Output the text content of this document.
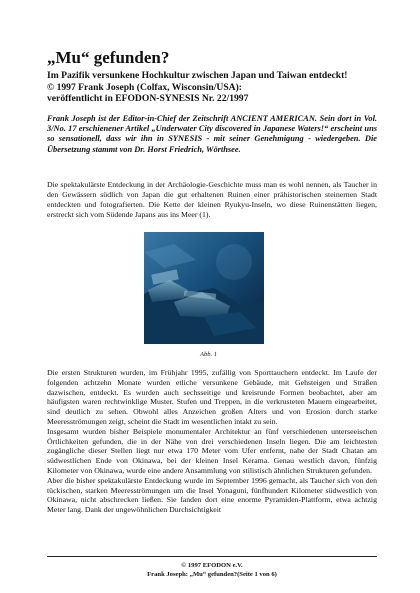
„Mu“ gefunden?
Im Pazifik versunkene Hochkultur zwischen Japan und Taiwan entdeckt!
© 1997 Frank Joseph (Colfax, Wisconsin/USA):
veröffentlicht in EFODON-SYNESIS Nr. 22/1997
Frank Joseph ist der Editor-in-Chief der Zeitschrift ANCIENT AMERICAN. Sein dort in Vol. 3/No. 17 erschienener Artikel „Underwater City discovered in Japanese Waters!“ erscheint uns so sensationell, dass wir ihn in SYNESIS - mit seiner Genehmigung - wiedergeben. Die Übersetzung stammt von Dr. Horst Friedrich, Wörthsee.
Die spektakulärste Entdeckung in der Archäologie-Geschichte muss man es wohl nennen, als Taucher in den Gewässern südlich von Japan die gut erhaltenen Ruinen einer prähistorischen steinernen Stadt entdeckten und fotografierten. Die Kette der kleinen Ryukyu-Inseln, wo diese Ruinenstätten liegen, erstreckt sich vom Südende Japans aus ins Meer (1).
Abb. 1

Die ersten Strukturen wurden, im Frühjahr 1995, zufällig von Sporttauchern entdeckt. Im Laufe der folgenden achtzehn Monate wurden etliche versunkene Gebäude, mit Gehsteigen und Straßen dazwischen, entdeckt. Es wurden auch sechsseitige und kreisrunde Formen beobachtet, aber am häufigsten waren rechtwinklige Muster. Stufen und Treppen, in die verkrusteten Mauern eingearbeitet, sind deutlich zu sehen. Obwohl alles Anzeichen großen Alters und von Erosion durch starke Meeresströmungen zeigt, scheint die Stadt im wesentlichen intakt zu sein.

Insgesamt wurden bisher Beispiele monumentaler Architektur an fünf verschiedenen unterseeischen Örtlichkeiten gefunden, die in der Nähe von drei verschiedenen Inseln liegen. Die am leichtesten zugängliche dieser Stellen liegt nur etwa 170 Meter vom Ufer entfernt, nahe der Stadt Chatan am südwestlichen Ende von Okinawa, bei der kleinen Insel Kerama. Genau westlich davon, fünfzig Kilometer von Okinawa, wurde eine andere Ansammlung von stilistisch ähnlichen Strukturen gefunden.

Aber die bisher spektakulärste Entdeckung wurde im September 1996 gemacht, als Taucher sich von den tückischen, starken Meeresströmungen um die Insel Yonaguni, fünfhundert Kilometer südwestlich von Okinawa, nicht abschrecken ließen. Sie fanden dort eine enorme Pyramiden-Plattform, etwa achtzig Meter lang. Dank der ungewöhnlichen Durchsichtigkeit

© 1997 EFODON e.V.
Frank Joseph: „Mu“ gefunden?(Seite 1 von 6)
